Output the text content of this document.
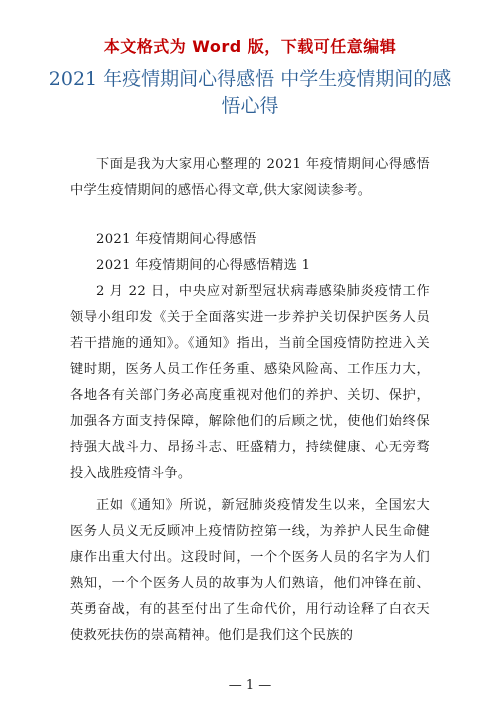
本文格式为 Word 版，下载可任意编辑
2021 年疫情期间心得感悟 中学生疫情期间的感悟心得

下面是我为大家用心整理的 2021 年疫情期间心得感悟 中学生疫情期间的感悟心得文章,供大家阅读参考。

2021 年疫情期间心得感悟

2021 年疫情期间的心得感悟精选 1

2 月 22 日，中央应对新型冠状病毒感染肺炎疫情工作领导小组印发《关于全面落实进一步养护关切保护医务人员若干措施的通知》。《通知》指出，当前全国疫情防控进入关键时期，医务人员工作任务重、感染风险高、工作压力大，各地各有关部门务必高度重视对他们的养护、关切、保护，加强各方面支持保障，解除他们的后顾之忧，使他们始终保持强大战斗力、昂扬斗志、旺盛精力，持续健康、心无旁骛投入战胜疫情斗争。

正如《通知》所说，新冠肺炎疫情发生以来，全国宏大医务人员义无反顾冲上疫情防控第一线，为养护人民生命健康作出重大付出。这段时间，一个个医务人员的名字为人们熟知，一个个医务人员的故事为人们熟谙，他们冲锋在前、英勇奋战，有的甚至付出了生命代价，用行动诠释了白衣天使救死扶伤的崇高精神。他们是我们这个民族的

— 1 —
